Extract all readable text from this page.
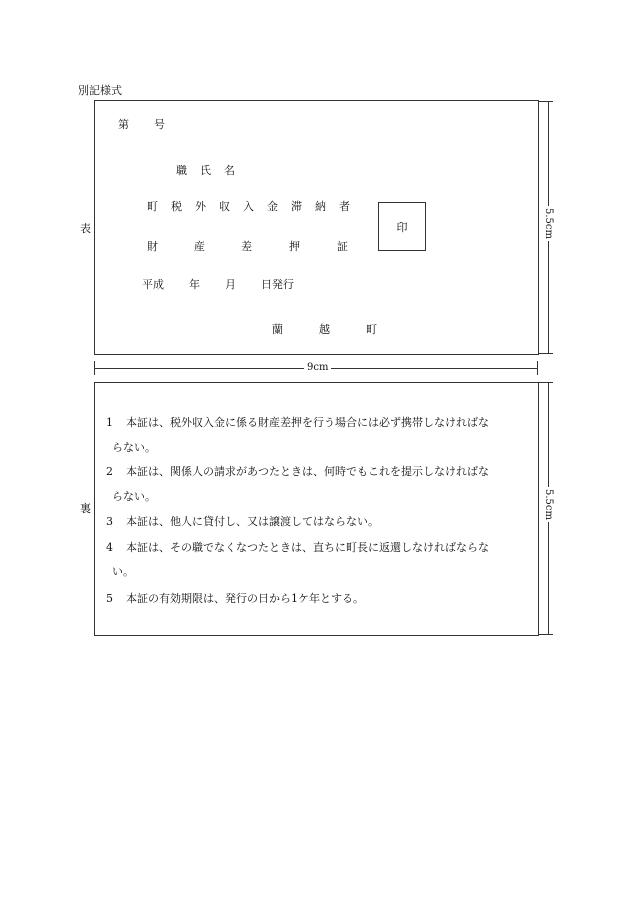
別記様式
表
第 号
職 氏 名
町 税 外 収 入 金 滞 納 者
財	産	差	押	証
印
平成 年 月 日発行
蘭	越	町
5.5cm
9cm
裏
1 本証は、税外収入金に係る財産差押を行う場合には必ず携帯しなければな
らない。
2 本証は、関係人の請求があつたときは、何時でもこれを提示しなければな
らない。
3 本証は、他人に貸付し、又は譲渡してはならない。
4 本証は、その職でなくなつたときは、直ちに町長に返還しなければならな
い。
5 本証の有効期限は、発行の日から1ケ年とする。
5.5cm
